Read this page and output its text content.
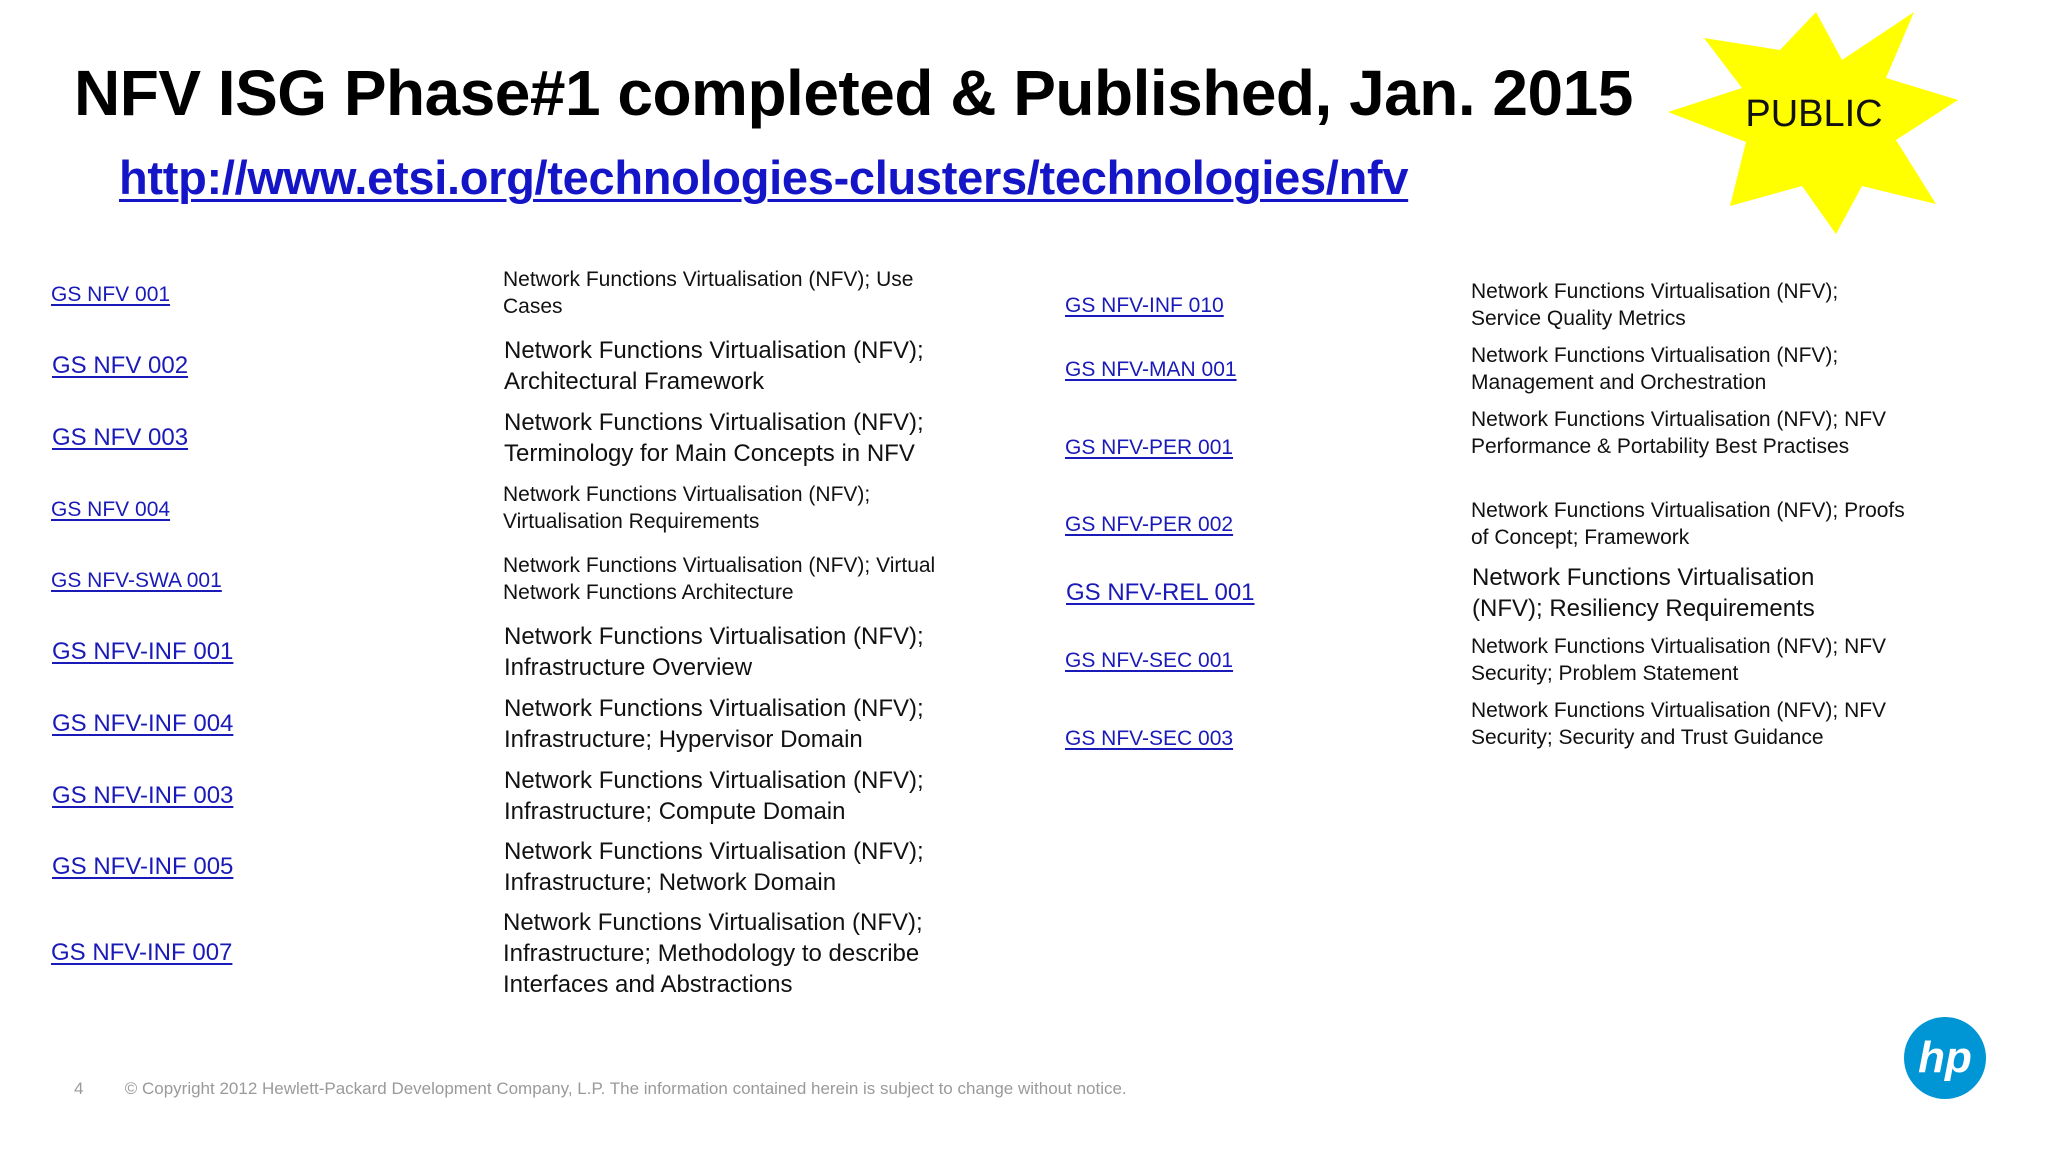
NFV ISG Phase#1 completed & Published, Jan. 2015
http://www.etsi.org/technologies-clusters/technologies/nfv
PUBLIC
GS NFV 001
GS NFV 002
GS NFV 003
GS NFV 004
GS NFV-SWA 001
GS NFV-INF 001
GS NFV-INF 004
GS NFV-INF 003
GS NFV-INF 005
GS NFV-INF 007
Network Functions Virtualisation (NFV); Use Cases
Network Functions Virtualisation (NFV); Architectural Framework
Network Functions Virtualisation (NFV); Terminology for Main Concepts in NFV
Network Functions Virtualisation (NFV); Virtualisation Requirements
Network Functions Virtualisation (NFV); Virtual Network Functions Architecture
Network Functions Virtualisation (NFV); Infrastructure Overview
Network Functions Virtualisation (NFV); Infrastructure; Hypervisor Domain
Network Functions Virtualisation (NFV); Infrastructure; Compute Domain
Network Functions Virtualisation (NFV); Infrastructure; Network Domain
Network Functions Virtualisation (NFV); Infrastructure; Methodology to describe Interfaces and Abstractions
GS NFV-INF 010
GS NFV-MAN 001
GS NFV-PER 001
GS NFV-PER 002
GS NFV-REL 001
GS NFV-SEC 001
GS NFV-SEC 003
Network Functions Virtualisation (NFV); Service Quality Metrics
Network Functions Virtualisation (NFV); Management and Orchestration
Network Functions Virtualisation (NFV); NFV Performance & Portability Best Practises
Network Functions Virtualisation (NFV); Proofs of Concept; Framework
Network Functions Virtualisation (NFV); Resiliency Requirements
Network Functions Virtualisation (NFV); NFV Security; Problem Statement
Network Functions Virtualisation (NFV); NFV Security; Security and Trust Guidance
4 © Copyright 2012 Hewlett-Packard Development Company, L.P. The information contained herein is subject to change without notice.
hp
